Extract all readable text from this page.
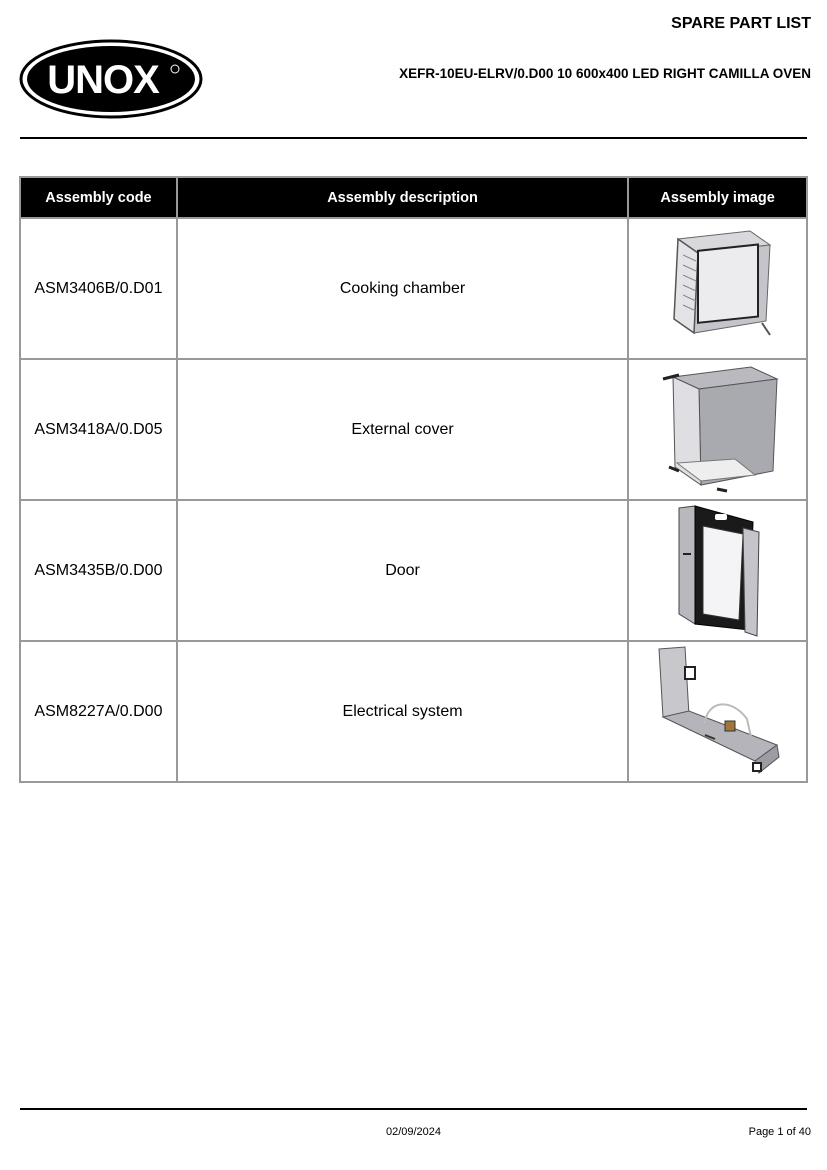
SPARE PART LIST
UNOX	XEFR-10EU-ELRV/0.D00 10 600x400 LED RIGHT CAMILLA OVEN
Assembly code	Assembly description	Assembly image
ASM3406B/0.D01	Cooking chamber	

ASM3418A/0.D05	External cover	

ASM3435B/0.D00	Door	

ASM8227A/0.D00	Electrical system	
02/09/2024	Page 1 of 40
